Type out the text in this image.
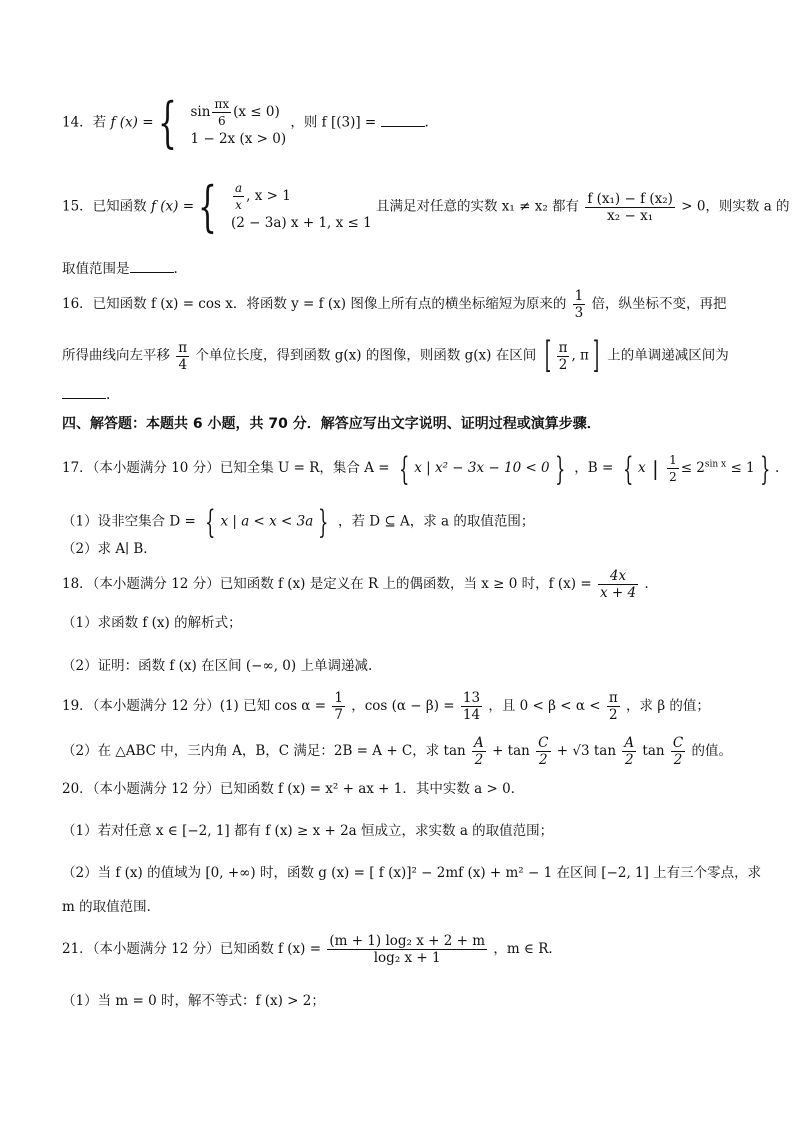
14．若 f (x) = { $\sin \frac{\pi x}{6} (x \le 0)$
1 − 2x (x > 0)
，则 f [(3)] =	.
15．已知函数 f (x) = { $\frac{a}{x}$ , x > 1
(2 − 3a) x + 1, x ≤ 1
且满足对任意的实数 x₁ ≠ x₂ 都有 $\frac{\text{f (x₁) − f (x₂)}}{\text{x₂ − x₁}} > 0$，则实数 a 的
取值范围是	.
16．已知函数 f (x) = cos x．将函数 y = f (x) 图像上所有点的横坐标缩短为原来的 $\frac{1}{3}$ 倍，纵坐标不变，再把
所得曲线向左平移 $\frac{\pi}{4}$ 个单位长度，得到函数 g(x) 的图像，则函数 g(x) 在区间 [ $\frac{\pi}{2}$ , π ] 上的单调递减区间为
.
四、解答题：本题共 6 小题，共 70 分．解答应写出文字说明、证明过程或演算步骤．
17．（本小题满分 10 分）已知全集 U = R，集合 A = { x | x² − 3x − 10 < 0 } ，B = { x | $\frac{1}{2} \le 2^{sin x} \le 1$ } .
（1）设非空集合 D = { x | a < x < 3a } ，若 D ⊆ A，求 a 的取值范围；
（2）求 A∣ B．
18．（本小题满分 12 分）已知函数 f (x) 是定义在 R 上的偶函数，当 x ≥ 0 时，f $(x) = \frac{4x}{x + 4}$ .
（1）求函数 f (x) 的解析式；
（2）证明：函数 f (x) 在区间 (−∞, 0) 上单调递减.
19．（本小题满分 12 分）(1) 已知 $\cos \alpha = \frac{1}{7}$ ，$\cos (\alpha - \beta) = \frac{13}{14}$ ，且 $0 < \beta < \alpha < \frac{\pi}{2}$ ，求 β 的值；
（2）在 △ABC 中，三内角 A，B，C 满足：2B = A + C，求 $\tan \frac{A}{2} + \tan \frac{C}{2} + √3$ $\tan \frac{A}{2}$ $\tan \frac{C}{2}$ 的值。
20．（本小题满分 12 分）已知函数 f (x) = x² + ax + 1．其中实数 a > 0．
（1）若对任意 x ∈ [−2, 1] 都有 f (x) ≥ x + 2a 恒成立，求实数 a 的取值范围；
（2）当 f (x) 的值域为 [0, +∞) 时，函数 g (x) = [ f (x)]² − 2mf (x) + m² − 1 在区间 [−2, 1] 上有三个零点，求
m 的取值范围．
21．（本小题满分 12 分）已知函数 f $(x) = \frac{\text{(m + 1) log₂ x + 2 + m}}{\text{log₂ x + 1}}$ ，m ∈ R．
（1）当 m = 0 时，解不等式：f (x) > 2；
